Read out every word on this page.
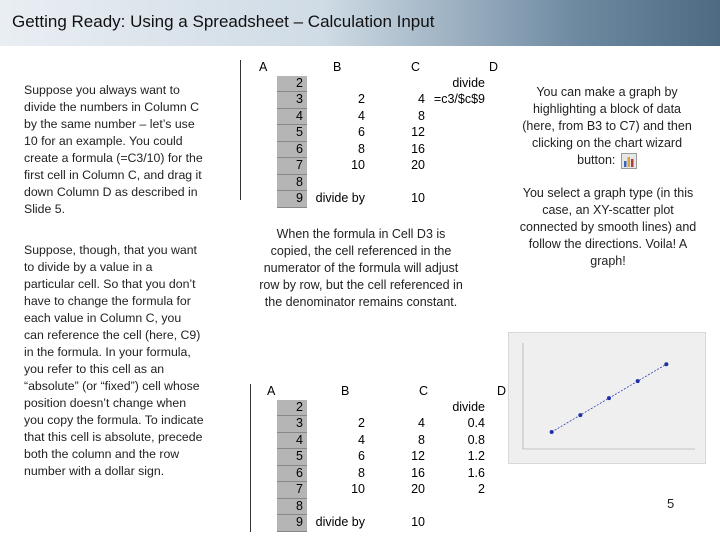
Getting Ready: Using a Spreadsheet – Calculation Input
Suppose you always want to divide the numbers in Column C by the same number – let’s use 10 for an example. You could create a formula (=C3/10) for the first cell in Column C, and drag it down Column D as described in Slide 5.
Suppose, though, that you want to divide by a value in a particular cell. So that you don’t have to change the formula for each value in Column C, you can reference the cell (here, C9) in the formula. In your formula, you refer to this cell as an “absolute” (or “fixed”) cell whose position doesn’t change when you copy the formula. To indicate that this cell is absolute, precede both the column and the row number with a dollar sign.
A	B	C	D
2			divide
3	2	4	=c3/$c$9
4	4	8	
5	6	12	
6	8	16	
7	10	20	
8			
9	divide by	10	
When the formula in Cell D3 is copied, the cell referenced in the numerator of the formula will adjust row by row, but the cell referenced in the denominator remains constant.
You can make a graph by highlighting a block of data (here, from B3 to C7) and then clicking on the chart wizard button:
You select a graph type (in this case, an XY-scatter plot connected by smooth lines) and follow the directions. Voila! A graph!
A	B	C	D
2			divide
3	2	4	0.4
4	4	8	0.8
5	6	12	1.2
6	8	16	1.6
7	10	20	2
8			
9	divide by	10	
5
